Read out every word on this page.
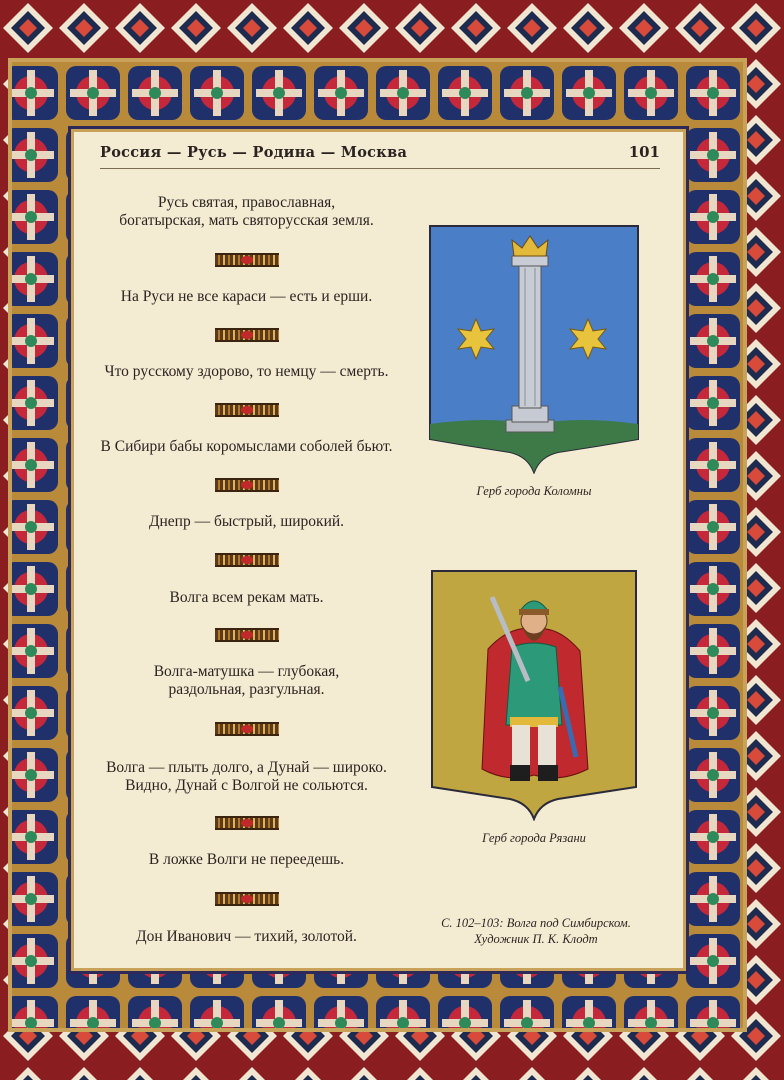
Россия — Русь — Родина — Москва	101
Русь святая, православная,
богатырская, мать святорусская земля.
На Руси не все караси — есть и ерши.
Что русскому здорово, то немцу — смерть.
В Сибири бабы коромыслами соболей бьют.
Днепр — быстрый, широкий.
Волга всем рекам мать.
Волга-матушка — глубокая,
раздольная, разгульная.
Волга — плыть долго, а Дунай — широко.
Видно, Дунай с Волгой не сольются.
В ложке Волги не переедешь.
Дон Иванович — тихий, золотой.
Герб города Коломны
Герб города Рязани
С. 102–103: Волга под Симбирском.
Художник П. К. Клодт
